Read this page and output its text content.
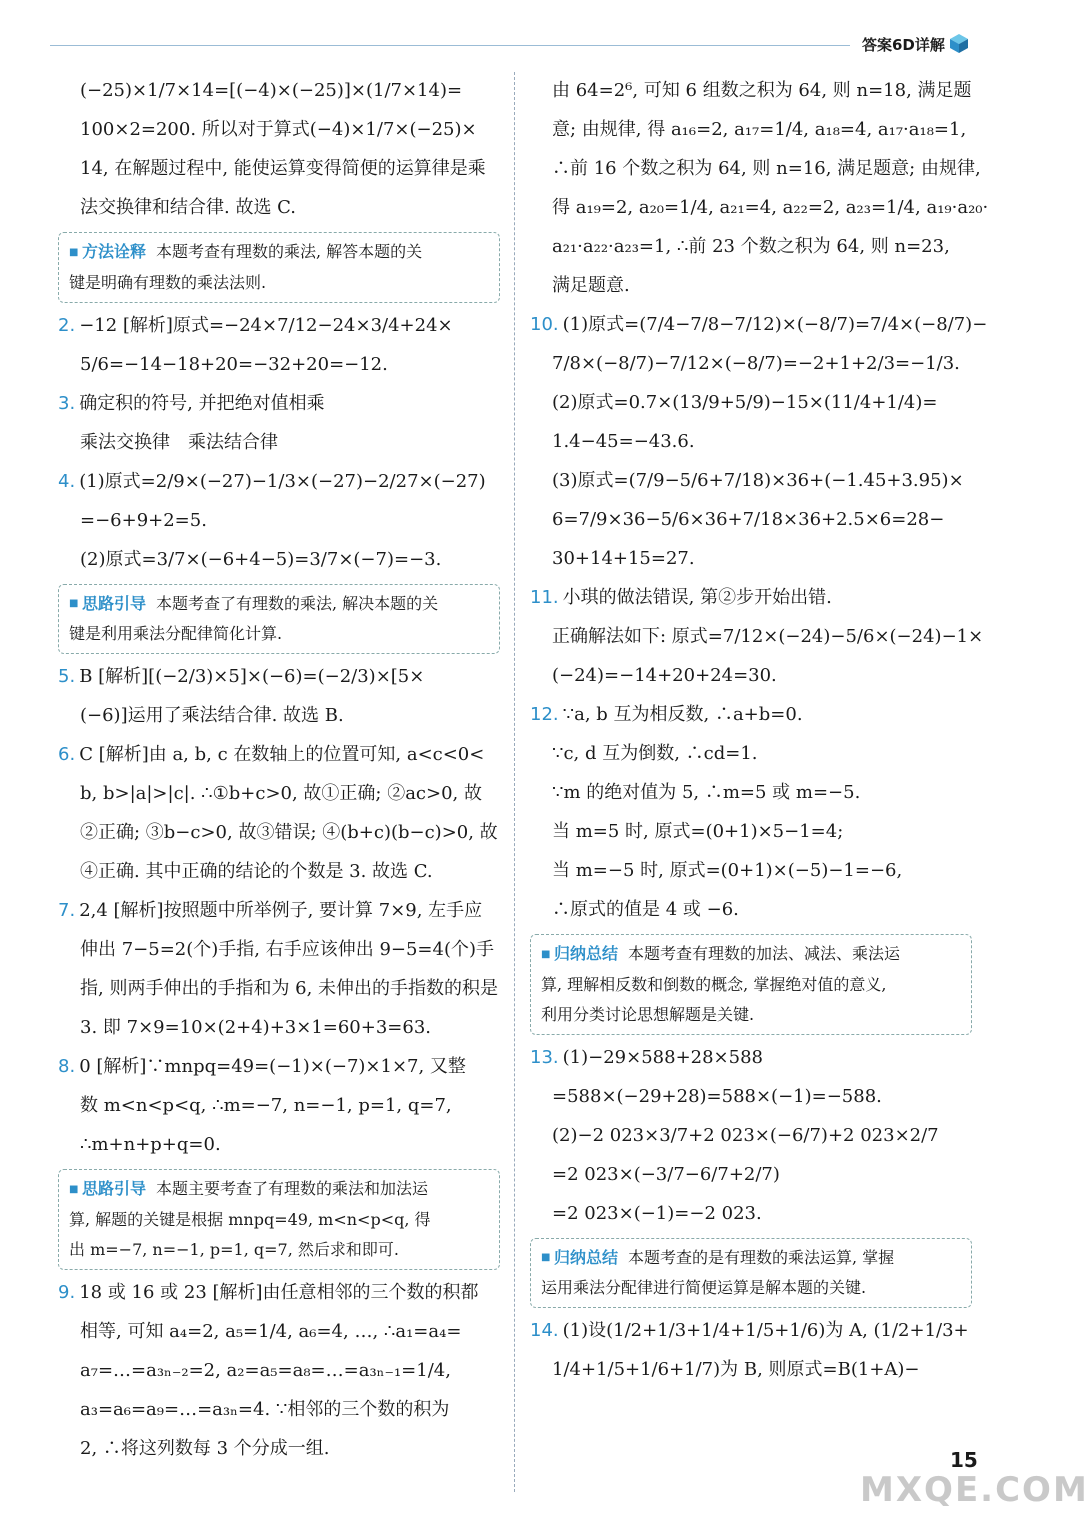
答案6D详解
(−25)×1/7×14=[(−4)×(−25)]×(1/7×14)=
100×2=200. 所以对于算式(−4)×1/7×(−25)×
14, 在解题过程中, 能使运算变得简便的运算律是乘
法交换律和结合律. 故选 C.
■ 方法诠释 本题考查有理数的乘法, 解答本题的关
键是明确有理数的乘法法则.
2. −12 [解析]原式=−24×7/12−24×3/4+24×
5/6=−14−18+20=−32+20=−12.
3. 确定积的符号, 并把绝对值相乘
乘法交换律　乘法结合律
4. (1)原式=2/9×(−27)−1/3×(−27)−2/27×(−27)
=−6+9+2=5.
(2)原式=3/7×(−6+4−5)=3/7×(−7)=−3.
■ 思路引导 本题考查了有理数的乘法, 解决本题的关
键是利用乘法分配律简化计算.
5. B [解析][(−2/3)×5]×(−6)=(−2/3)×[5×
(−6)]运用了乘法结合律. 故选 B.
6. C [解析]由 a, b, c 在数轴上的位置可知, a<c<0<
b, b>|a|>|c|. ∴①b+c>0, 故①正确; ②ac>0, 故
②正确; ③b−c>0, 故③错误; ④(b+c)(b−c)>0, 故
④正确. 其中正确的结论的个数是 3. 故选 C.
7. 2,4 [解析]按照题中所举例子, 要计算 7×9, 左手应
伸出 7−5=2(个)手指, 右手应该伸出 9−5=4(个)手
指, 则两手伸出的手指和为 6, 未伸出的手指数的积是
3. 即 7×9=10×(2+4)+3×1=60+3=63.
8. 0 [解析]∵mnpq=49=(−1)×(−7)×1×7, 又整
数 m<n<p<q, ∴m=−7, n=−1, p=1, q=7,
∴m+n+p+q=0.
■ 思路引导 本题主要考查了有理数的乘法和加法运
算, 解题的关键是根据 mnpq=49, m<n<p<q, 得
出 m=−7, n=−1, p=1, q=7, 然后求和即可.
9. 18 或 16 或 23 [解析]由任意相邻的三个数的积都
相等, 可知 a₄=2, a₅=1/4, a₆=4, …, ∴a₁=a₄=
a₇=…=a₃ₙ₋₂=2, a₂=a₅=a₈=…=a₃ₙ₋₁=1/4,
a₃=a₆=a₉=…=a₃ₙ=4. ∵相邻的三个数的积为
2, ∴将这列数每 3 个分成一组.
由 64=2⁶, 可知 6 组数之积为 64, 则 n=18, 满足题
意; 由规律, 得 a₁₆=2, a₁₇=1/4, a₁₈=4, a₁₇·a₁₈=1,
∴前 16 个数之积为 64, 则 n=16, 满足题意; 由规律,
得 a₁₉=2, a₂₀=1/4, a₂₁=4, a₂₂=2, a₂₃=1/4, a₁₉·a₂₀·
a₂₁·a₂₂·a₂₃=1, ∴前 23 个数之积为 64, 则 n=23,
满足题意.
10. (1)原式=(7/4−7/8−7/12)×(−8/7)=7/4×(−8/7)−
7/8×(−8/7)−7/12×(−8/7)=−2+1+2/3=−1/3.
(2)原式=0.7×(13/9+5/9)−15×(11/4+1/4)=
1.4−45=−43.6.
(3)原式=(7/9−5/6+7/18)×36+(−1.45+3.95)×
6=7/9×36−5/6×36+7/18×36+2.5×6=28−
30+14+15=27.
11. 小琪的做法错误, 第②步开始出错.
正确解法如下: 原式=7/12×(−24)−5/6×(−24)−1×
(−24)=−14+20+24=30.
12. ∵a, b 互为相反数, ∴a+b=0.
∵c, d 互为倒数, ∴cd=1.
∵m 的绝对值为 5, ∴m=5 或 m=−5.
当 m=5 时, 原式=(0+1)×5−1=4;
当 m=−5 时, 原式=(0+1)×(−5)−1=−6,
∴原式的值是 4 或 −6.
■ 归纳总结 本题考查有理数的加法、减法、乘法运
算, 理解相反数和倒数的概念, 掌握绝对值的意义,
利用分类讨论思想解题是关键.
13. (1)−29×588+28×588
=588×(−29+28)=588×(−1)=−588.
(2)−2 023×3/7+2 023×(−6/7)+2 023×2/7
=2 023×(−3/7−6/7+2/7)
=2 023×(−1)=−2 023.
■ 归纳总结 本题考查的是有理数的乘法运算, 掌握
运用乘法分配律进行简便运算是解本题的关键.
14. (1)设(1/2+1/3+1/4+1/5+1/6)为 A, (1/2+1/3+
1/4+1/5+1/6+1/7)为 B, 则原式=B(1+A)−
15
MXQE.COM
